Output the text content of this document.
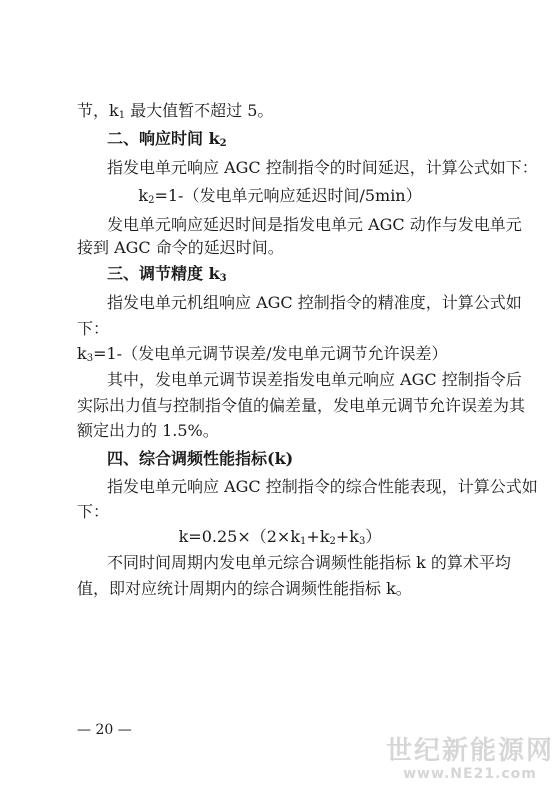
节，$k_1$ 最大值暂不超过 5。
二、响应时间 $k_2$
指发电单元响应 AGC 控制指令的时间延迟，计算公式如下：
$k_2=1-$（发电单元响应延迟时间/5min）
发电单元响应延迟时间是指发电单元 AGC 动作与发电单元
接到 AGC 命令的延迟时间。
三、调节精度 $k_3$
指发电单元机组响应 AGC 控制指令的精准度，计算公式如
下：
$k_3=1-$（发电单元调节误差/发电单元调节允许误差）
其中，发电单元调节误差指发电单元响应 AGC 控制指令后
实际出力值与控制指令值的偏差量，发电单元调节允许误差为其
额定出力的 1.5%。
四、综合调频性能指标(k)
指发电单元响应 AGC 控制指令的综合性能表现，计算公式如
下：
$k=0.25\times(2\times k_1+k_2+k_3)$
不同时间周期内发电单元综合调频性能指标 k 的算术平均
值，即对应统计周期内的综合调频性能指标 k。
— 20 —
世纪新能源网
www.NE21.com
